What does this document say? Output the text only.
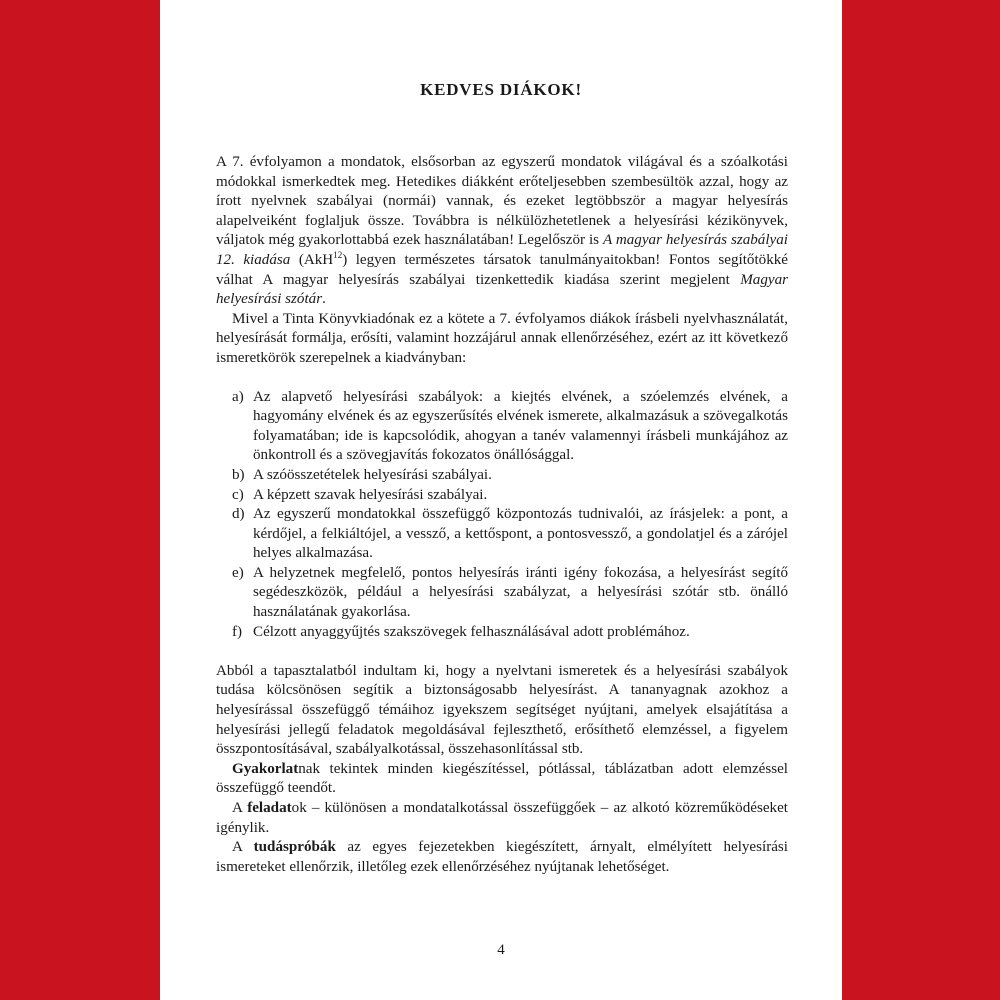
KEDVES DIÁKOK!

A 7. évfolyamon a mondatok, elsősorban az egyszerű mondatok világával és a szóalkotási módokkal ismerkedtek meg. Hetedikes diákként erőteljesebben szembesültök azzal, hogy az írott nyelvnek szabályai (normái) vannak, és ezeket legtöbbször a magyar helyesírás alapelveiként foglaljuk össze. Továbbra is nélkülözhetetlenek a helyesírási kézikönyvek, váljatok még gyakorlottabbá ezek használatában! Legelőször is A magyar helyesírás szabályai 12. kiadása (AkH$^{12}$) legyen természetes társatok tanulmányaitokban! Fontos segítőtökké válhat A magyar helyesírás szabályai tizenkettedik kiadása szerint megjelent Magyar helyesírási szótár.

Mivel a Tinta Könyvkiadónak ez a kötete a 7. évfolyamos diákok írásbeli nyelvhasználatát, helyesírását formálja, erősíti, valamint hozzájárul annak ellenőrzéséhez, ezért az itt következő ismeretkörök szerepelnek a kiadványban:

a) Az alapvető helyesírási szabályok: a kiejtés elvének, a szóelemzés elvének, a hagyomány elvének és az egyszerűsítés elvének ismerete, alkalmazásuk a szövegalkotás folyamatában; ide is kapcsolódik, ahogyan a tanév valamennyi írásbeli munkájához az önkontroll és a szövegjavítás fokozatos önállósággal.
b) A szóösszetételek helyesírási szabályai.
c) A képzett szavak helyesírási szabályai.
d) Az egyszerű mondatokkal összefüggő központozás tudnivalói, az írásjelek: a pont, a kérdőjel, a felkiáltójel, a vessző, a kettőspont, a pontosvessző, a gondolatjel és a zárójel helyes alkalmazása.
e) A helyzetnek megfelelő, pontos helyesírás iránti igény fokozása, a helyesírást segítő segédeszközök, például a helyesírási szabályzat, a helyesírási szótár stb. önálló használatának gyakorlása.
f) Célzott anyaggyűjtés szakszövegek felhasználásával adott problémához.

Abból a tapasztalatból indultam ki, hogy a nyelvtani ismeretek és a helyesírási szabályok tudása kölcsönösen segítik a biztonságosabb helyesírást. A tananyagnak azokhoz a helyesírással összefüggő témáihoz igyekszem segítséget nyújtani, amelyek elsajátítása a helyesírási jellegű feladatok megoldásával fejleszthető, erősíthető elemzéssel, a figyelem összpontosításával, szabályalkotással, összehasonlítással stb.

Gyakorlatnak tekintek minden kiegészítéssel, pótlással, táblázatban adott elemzéssel összefüggő teendőt.

A feladatok – különösen a mondatalkotással összefüggőek – az alkotó közreműködéseket igénylik.

A tudáspróbák az egyes fejezetekben kiegészített, árnyalt, elmélyített helyesírási ismereteket ellenőrzik, illetőleg ezek ellenőrzéséhez nyújtanak lehetőséget.

4
